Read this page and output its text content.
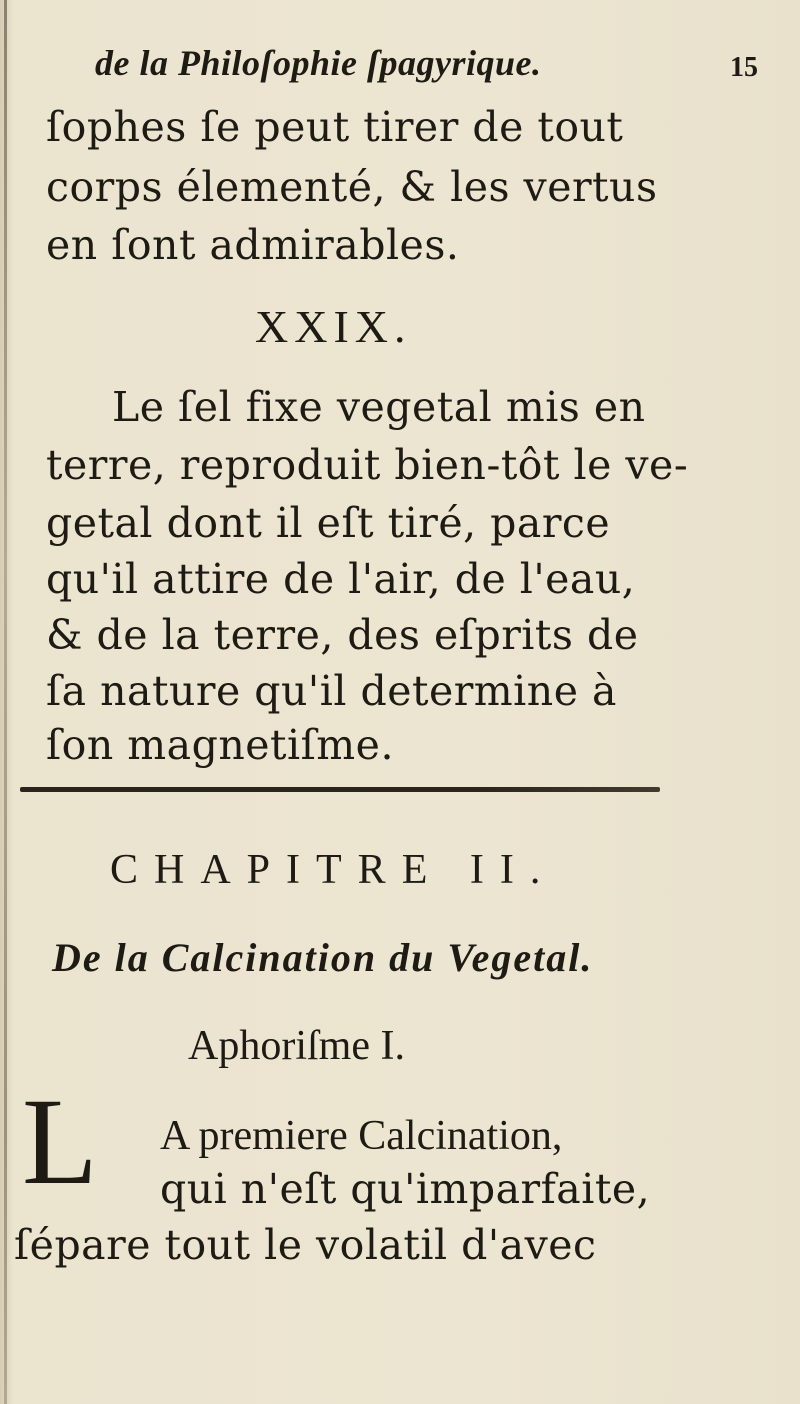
de la Philoſophie ſpagyrique.	15
ſophes ſe peut tirer de tout
corps élementé, & les vertus
en ſont admirables.
XXIX.
Le ſel fixe vegetal mis en
terre, reproduit bien-tôt le ve-
getal dont il eſt tiré, parce
qu'il attire de l'air, de l'eau,
& de la terre, des eſprits de
ſa nature qu'il determine à
ſon magnetiſme.
CHAPITRE II.
De la Calcination du Vegetal.
Aphoriſme I.
L A premiere Calcination,
qui n'eſt qu'imparfaite,
ſépare tout le volatil d'avec
